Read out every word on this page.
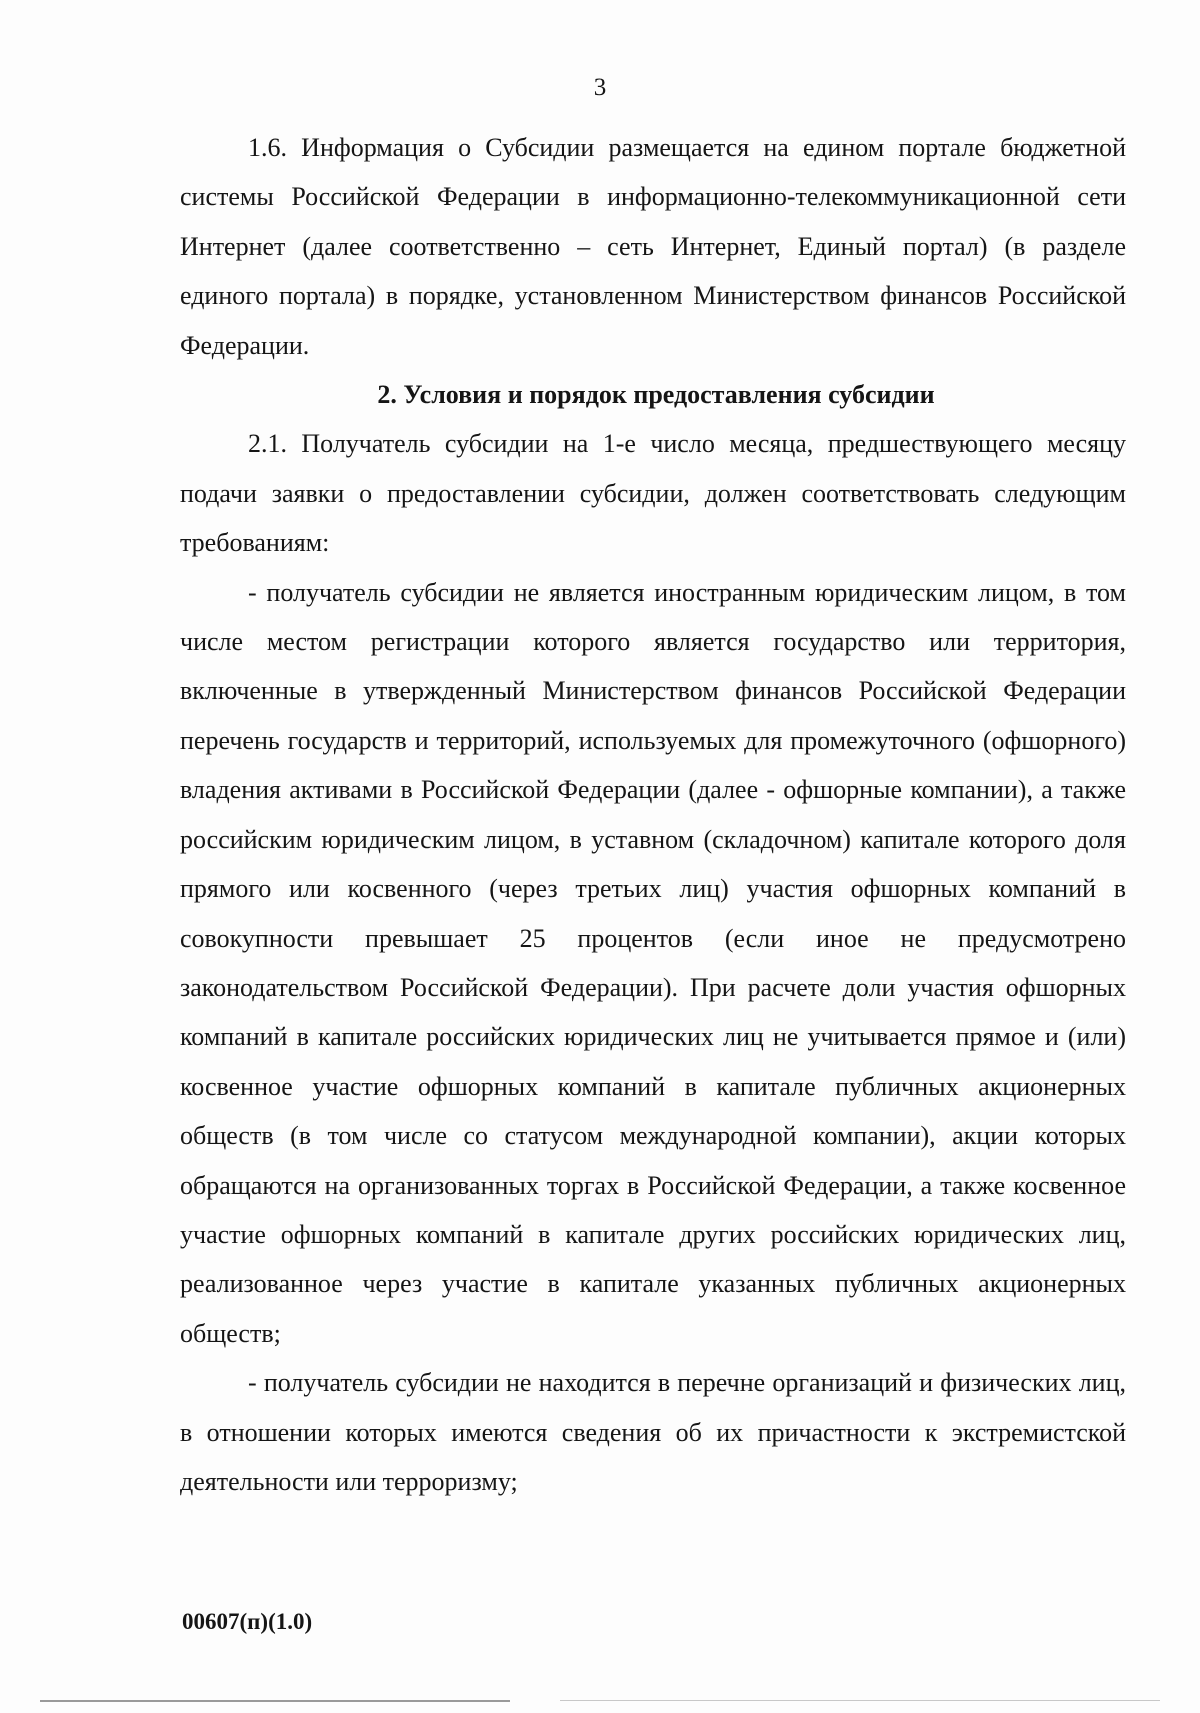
3

1.6. Информация о Субсидии размещается на едином портале бюджетной системы Российской Федерации в информационно-телекоммуникационной сети Интернет (далее соответственно – сеть Интернет, Единый портал) (в разделе единого портала) в порядке, установленном Министерством финансов Российской Федерации.

2. Условия и порядок предоставления субсидии

2.1. Получатель субсидии на 1-е число месяца, предшествующего месяцу подачи заявки о предоставлении субсидии, должен соответствовать следующим требованиям:

- получатель субсидии не является иностранным юридическим лицом, в том числе местом регистрации которого является государство или территория, включенные в утвержденный Министерством финансов Российской Федерации перечень государств и территорий, используемых для промежуточного (офшорного) владения активами в Российской Федерации (далее - офшорные компании), а также российским юридическим лицом, в уставном (складочном) капитале которого доля прямого или косвенного (через третьих лиц) участия офшорных компаний в совокупности превышает 25 процентов (если иное не предусмотрено законодательством Российской Федерации). При расчете доли участия офшорных компаний в капитале российских юридических лиц не учитывается прямое и (или) косвенное участие офшорных компаний в капитале публичных акционерных обществ (в том числе со статусом международной компании), акции которых обращаются на организованных торгах в Российской Федерации, а также косвенное участие офшорных компаний в капитале других российских юридических лиц, реализованное через участие в капитале указанных публичных акционерных обществ;

- получатель субсидии не находится в перечне организаций и физических лиц, в отношении которых имеются сведения об их причастности к экстремистской деятельности или терроризму;

00607(п)(1.0)
